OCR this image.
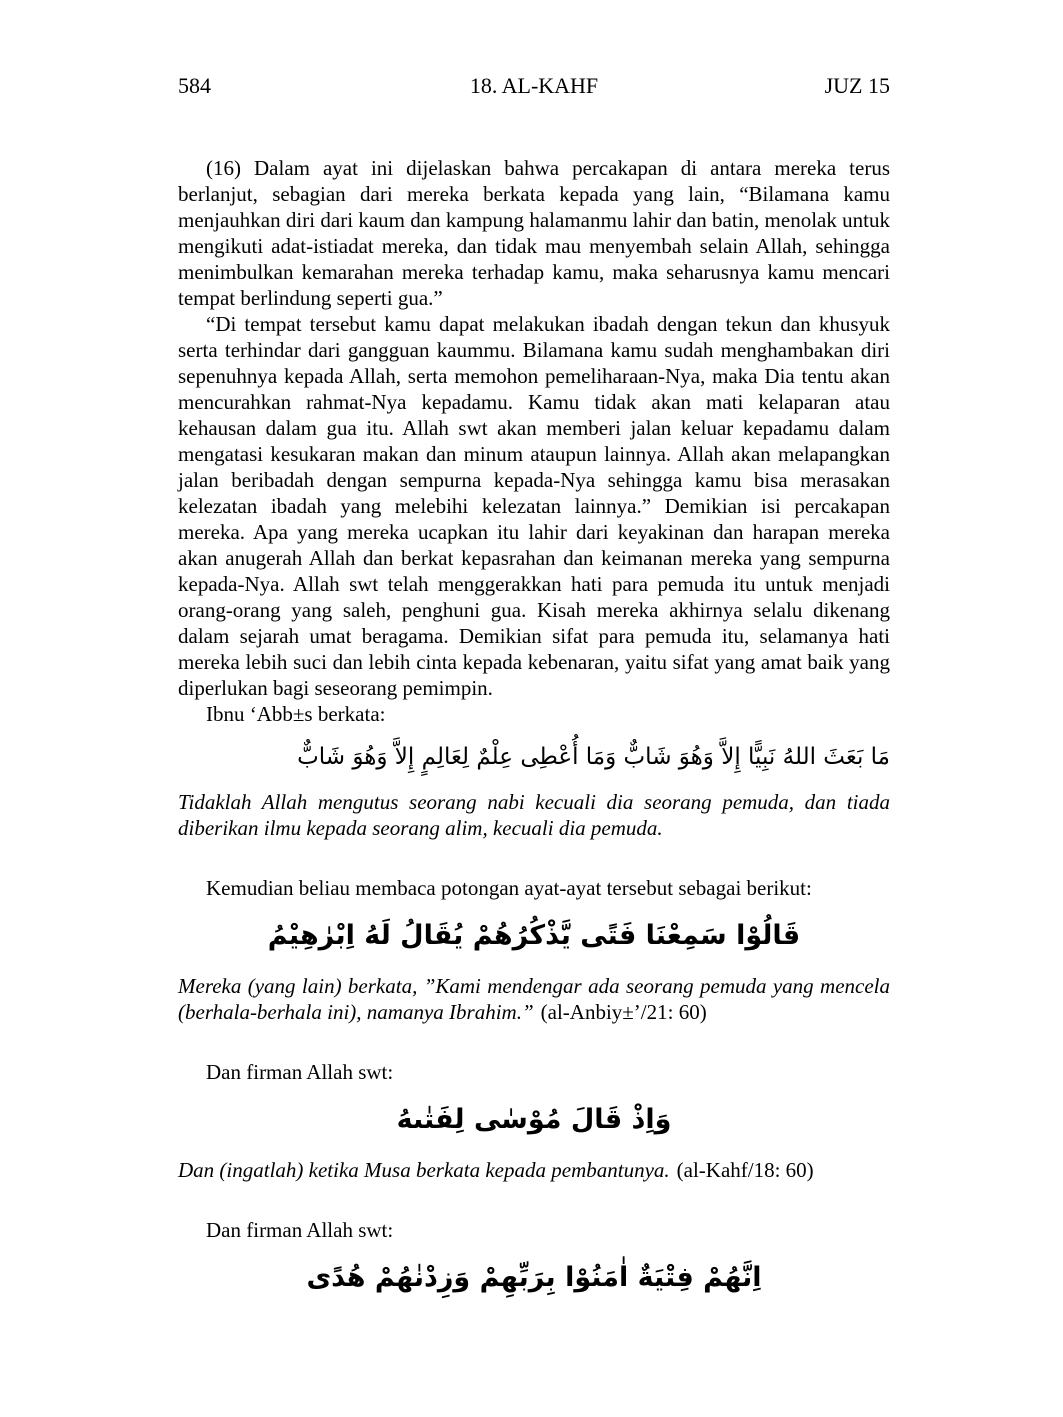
584	18. AL-KAHF	JUZ 15

(16) Dalam ayat ini dijelaskan bahwa percakapan di antara mereka terus berlanjut, sebagian dari mereka berkata kepada yang lain, “Bilamana kamu menjauhkan diri dari kaum dan kampung halamanmu lahir dan batin, menolak untuk mengikuti adat-istiadat mereka, dan tidak mau menyembah selain Allah, sehingga menimbulkan kemarahan mereka terhadap kamu, maka seharusnya kamu mencari tempat berlindung seperti gua.”

“Di tempat tersebut kamu dapat melakukan ibadah dengan tekun dan khusyuk serta terhindar dari gangguan kaummu. Bilamana kamu sudah menghambakan diri sepenuhnya kepada Allah, serta memohon pemeliharaan-Nya, maka Dia tentu akan mencurahkan rahmat-Nya kepadamu. Kamu tidak akan mati kelaparan atau kehausan dalam gua itu. Allah swt akan memberi jalan keluar kepadamu dalam mengatasi kesukaran makan dan minum ataupun lainnya. Allah akan melapangkan jalan beribadah dengan sempurna kepada-Nya sehingga kamu bisa merasakan kelezatan ibadah yang melebihi kelezatan lainnya.” Demikian isi percakapan mereka. Apa yang mereka ucapkan itu lahir dari keyakinan dan harapan mereka akan anugerah Allah dan berkat kepasrahan dan keimanan mereka yang sempurna kepada-Nya. Allah swt telah menggerakkan hati para pemuda itu untuk menjadi orang-orang yang saleh, penghuni gua. Kisah mereka akhirnya selalu dikenang dalam sejarah umat beragama. Demikian sifat para pemuda itu, selamanya hati mereka lebih suci dan lebih cinta kepada kebenaran, yaitu sifat yang amat baik yang diperlukan bagi seseorang pemimpin.

Ibnu ‘Abb±s berkata:

مَا بَعَثَ اللهُ نَبِيًّا إِلاَّ وَهُوَ شَابٌّ وَمَا أُعْطِى عِلْمٌ لِعَالِمٍ إِلاَّ وَهُوَ شَابٌّ

Tidaklah Allah mengutus seorang nabi kecuali dia seorang pemuda, dan tiada diberikan ilmu kepada seorang alim, kecuali dia pemuda.

Kemudian beliau membaca potongan ayat-ayat tersebut sebagai berikut:

قَالُوْا سَمِعْنَا فَتًى يَّذْكُرُهُمْ يُقَالُ لَهُ اِبْرٰهِيْمُ

Mereka (yang lain) berkata, ”Kami mendengar ada seorang pemuda yang mencela (berhala-berhala ini), namanya Ibrahim.” (al-Anbiy±’/21: 60)

Dan firman Allah swt:

وَاِذْ قَالَ مُوْسٰى لِفَتٰىهُ

Dan (ingatlah) ketika Musa berkata kepada pembantunya. (al-Kahf/18: 60)

Dan firman Allah swt:

اِنَّهُمْ فِتْيَةٌ اٰمَنُوْا بِرَبِّهِمْ وَزِدْنٰهُمْ هُدًى
